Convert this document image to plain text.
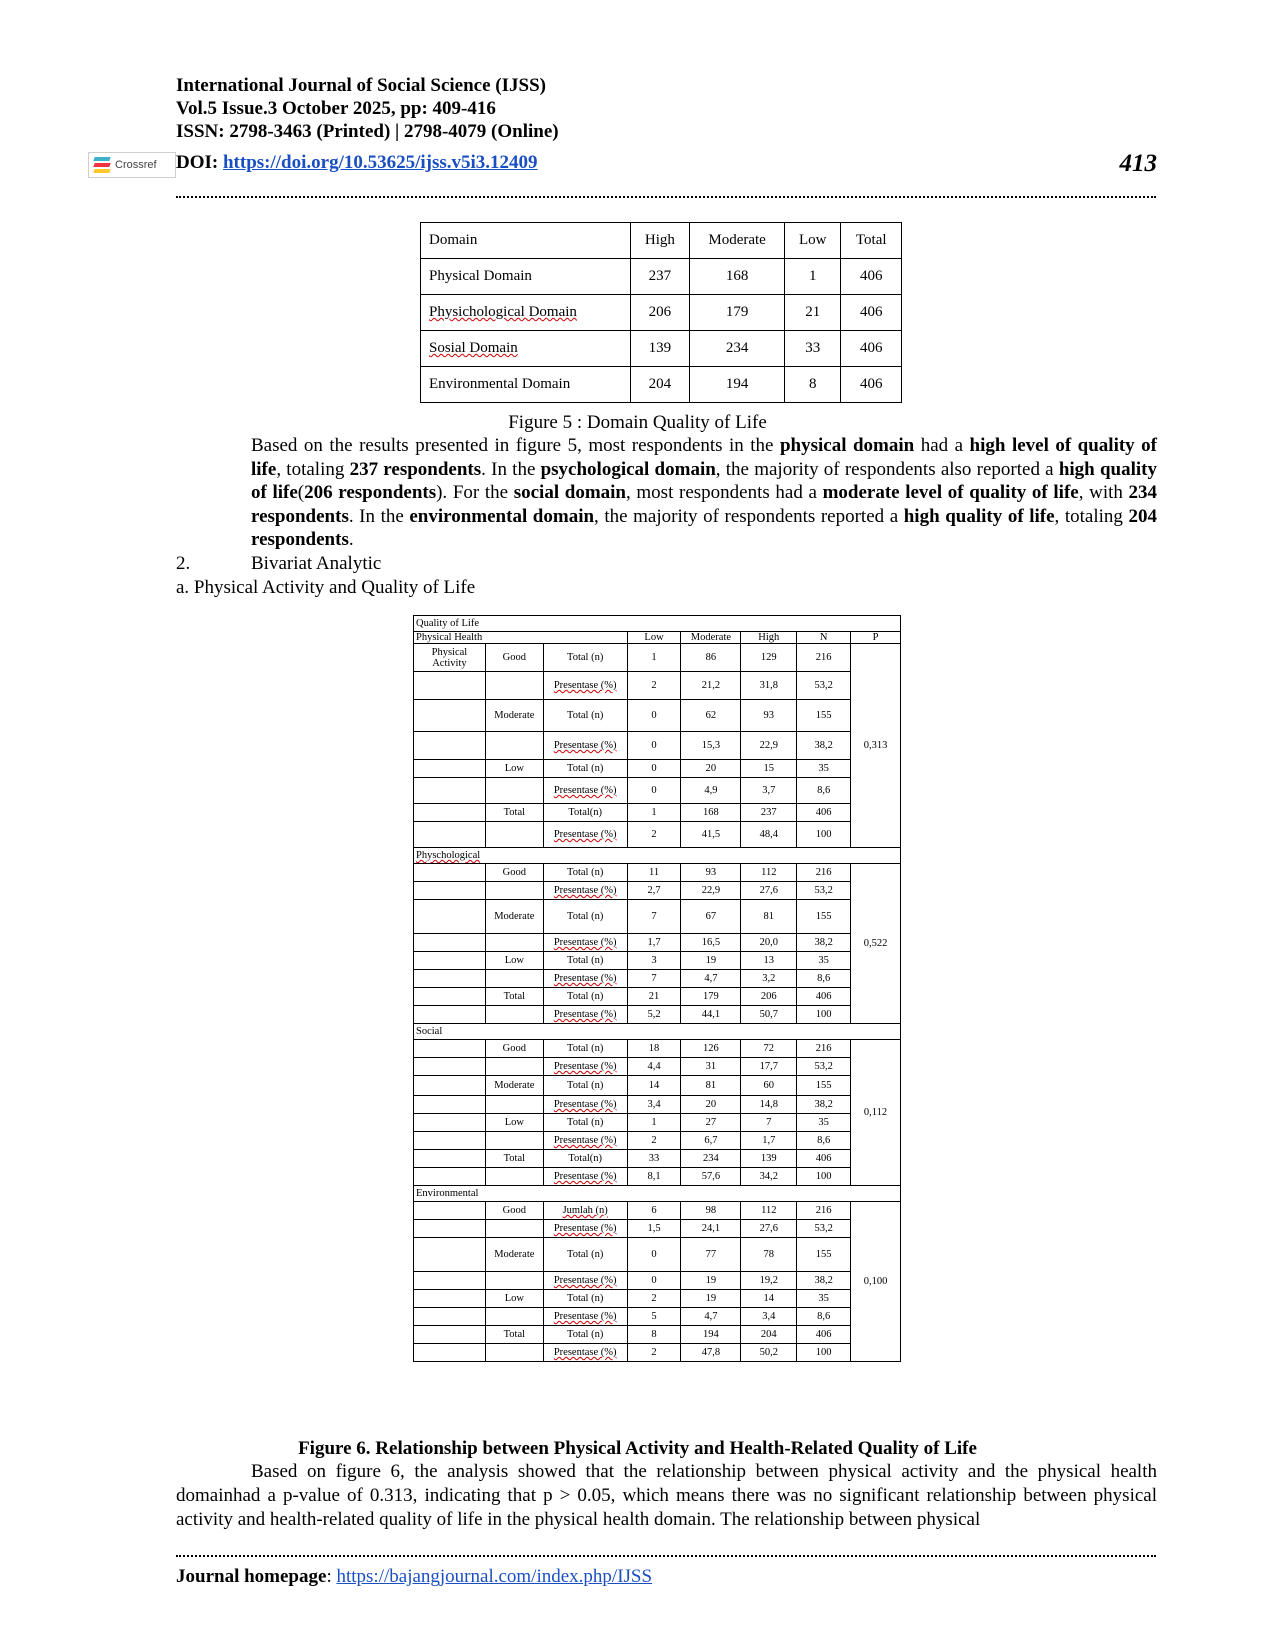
International Journal of Social Science (IJSS)
Vol.5 Issue.3 October 2025, pp: 409-416
ISSN: 2798-3463 (Printed) | 2798-4079 (Online)
Crossref DOI: https://doi.org/10.53625/ijss.v5i3.12409	413
Domain	High	Moderate	Low	Total
Physical Domain	237	168	1	406
Physichological Domain	206	179	21	406
Sosial Domain	139	234	33	406
Environmental Domain	204	194	8	406
Figure 5 : Domain Quality of Life
Based on the results presented in figure 5, most respondents in the physical domain had a high level of quality of life, totaling 237 respondents. In the psychological domain, the majority of respondents also reported a high quality of life(206 respondents). For the social domain, most respondents had a moderate level of quality of life, with 234 respondents. In the environmental domain, the majority of respondents reported a high quality of life, totaling 204 respondents.
2.	Bivariat Analytic
a. Physical Activity and Quality of Life
Quality of Life							
Physical Health			Low	Moderate	High	N	P
Physical Activity	Good	Total (n)	1	86	129	216	0,313
		Presentase (%)	2	21,2	31,8	53,2	
	Moderate	Total (n)	0	62	93	155	
		Presentase (%)	0	15,3	22,9	38,2	
	Low	Total (n)	0	20	15	35	
		Presentase (%)	0	4,9	3,7	8,6	
	Total	Total(n)	1	168	237	406	
		Presentase (%)	2	41,5	48,4	100	
Physchological							
	Good	Total (n)	11	93	112	216	0,522
		Presentase (%)	2,7	22,9	27,6	53,2	
	Moderate	Total (n)	7	67	81	155	
		Presentase (%)	1,7	16,5	20,0	38,2	
	Low	Total (n)	3	19	13	35	
		Presentase (%)	7	4,7	3,2	8,6	
	Total	Total (n)	21	179	206	406	
		Presentase (%)	5,2	44,1	50,7	100	
Social							
	Good	Total (n)	18	126	72	216	0,112
		Presentase (%)	4,4	31	17,7	53,2	
	Moderate	Total (n)	14	81	60	155	
		Presentase (%)	3,4	20	14,8	38,2	
	Low	Total (n)	1	27	7	35	
		Presentase (%)	2	6,7	1,7	8,6	
	Total	Total(n)	33	234	139	406	
		Presentase (%)	8,1	57,6	34,2	100	
Environmental							
	Good	Jumlah (n)	6	98	112	216	0,100
		Presentase (%)	1,5	24,1	27,6	53,2	
	Moderate	Total (n)	0	77	78	155	
		Presentase (%)	0	19	19,2	38,2	
	Low	Total (n)	2	19	14	35	
		Presentase (%)	5	4,7	3,4	8,6	
	Total	Total (n)	8	194	204	406	
		Presentase (%)	2	47,8	50,2	100	
Figure 6. Relationship between Physical Activity and Health-Related Quality of Life
Based on figure 6, the analysis showed that the relationship between physical activity and the physical health domainhad a p-value of 0.313, indicating that p > 0.05, which means there was no significant relationship between physical activity and health-related quality of life in the physical health domain. The relationship between physical
Journal homepage: https://bajangjournal.com/index.php/IJSS
